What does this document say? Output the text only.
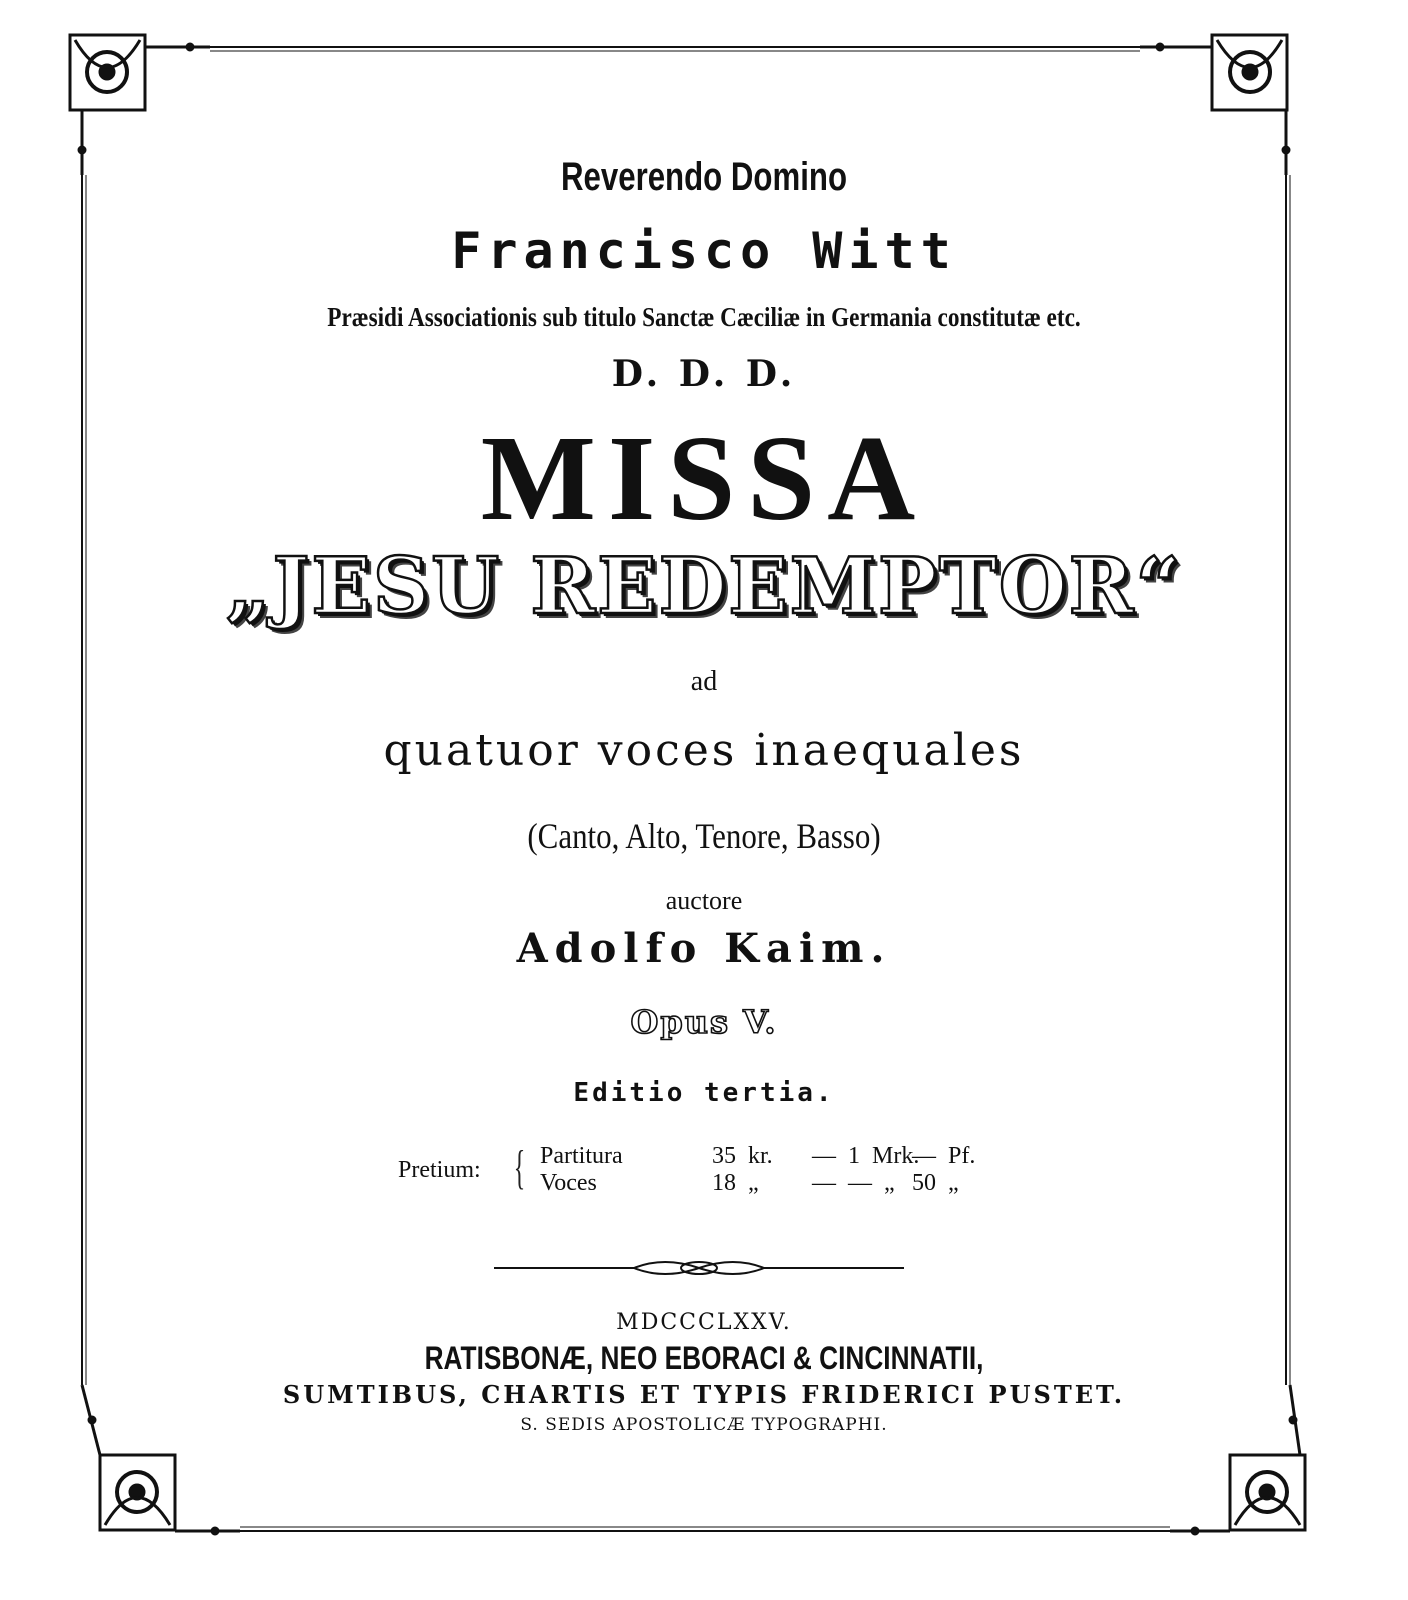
Reverendo Domino
Francisco Witt
Præsidi Associationis sub titulo Sanctæ Cæciliæ in Germania constitutæ etc.
D. D. D.
MISSA
„JESU REDEMPTOR“
ad
quatuor voces inaequales
(Canto, Alto, Tenore, Basso)
auctore
Adolfo Kaim.
Opus V.
Editio tertia.
Pretium: { Partitura	35  kr. —  1  Mrk.
—  Pf.
Voces	18  „ —  —  „ 50  „
MDCCCLXXV.
RATISBONÆ, NEO EBORACI & CINCINNATII,
SUMTIBUS, CHARTIS ET TYPIS FRIDERICI PUSTET.
S. SEDIS APOSTOLICÆ TYPOGRAPHI.
